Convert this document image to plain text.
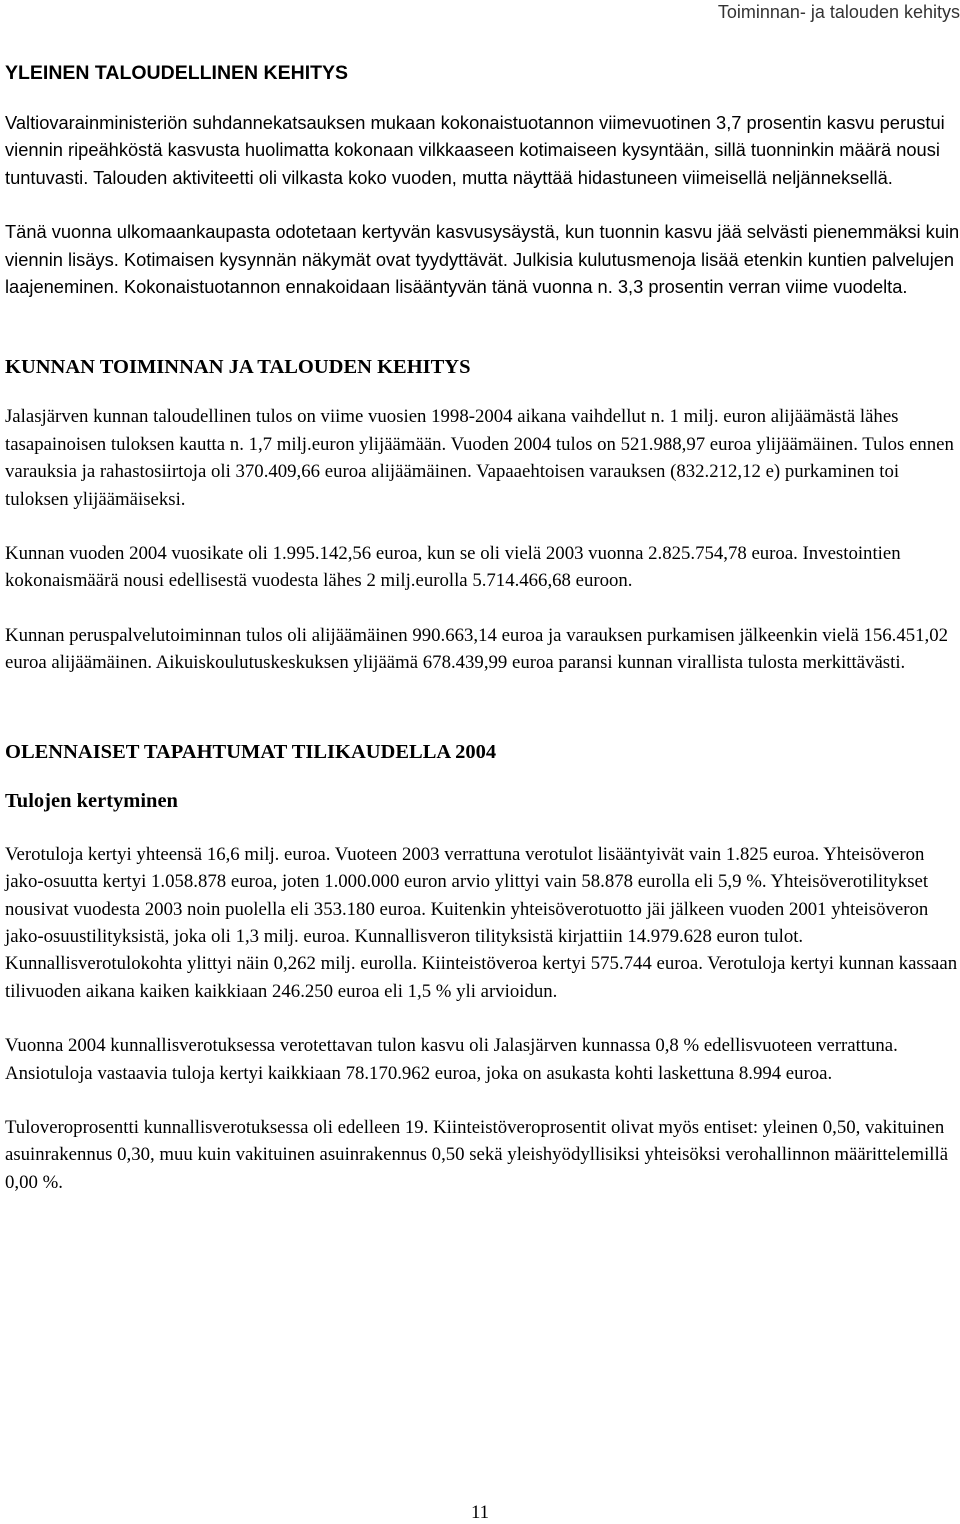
Toiminnan- ja talouden kehitys
YLEINEN TALOUDELLINEN KEHITYS

Valtiovarainministeriön suhdannekatsauksen mukaan kokonaistuotannon viimevuotinen 3,7 prosentin kasvu perustui viennin ripeähköstä kasvusta huolimatta kokonaan vilkkaaseen kotimaiseen kysyntään, sillä tuonninkin määrä nousi tuntuvasti. Talouden aktiviteetti oli vilkasta koko vuoden, mutta näyttää hidastuneen viimeisellä neljänneksellä.

Tänä vuonna ulkomaankaupasta odotetaan kertyvän kasvusysäystä, kun tuonnin kasvu jää selvästi pienemmäksi kuin viennin lisäys. Kotimaisen kysynnän näkymät ovat tyydyttävät. Julkisia kulutusmenoja lisää etenkin kuntien palvelujen laajeneminen. Kokonaistuotannon ennakoidaan lisääntyvän tänä vuonna n. 3,3 prosentin verran viime vuodelta.

KUNNAN TOIMINNAN JA TALOUDEN KEHITYS

Jalasjärven kunnan taloudellinen tulos on viime vuosien 1998-2004 aikana vaihdellut n. 1 milj. euron alijäämästä lähes tasapainoisen tuloksen kautta n. 1,7 milj.euron ylijäämään. Vuoden 2004 tulos on 521.988,97 euroa ylijäämäinen. Tulos ennen varauksia ja rahastosiirtoja oli 370.409,66 euroa alijäämäinen. Vapaaehtoisen varauksen (832.212,12 e) purkaminen toi tuloksen ylijäämäiseksi.

Kunnan vuoden 2004 vuosikate oli 1.995.142,56 euroa, kun se oli vielä 2003 vuonna 2.825.754,78 euroa. Investointien kokonaismäärä nousi edellisestä vuodesta lähes 2 milj.eurolla 5.714.466,68 euroon.

Kunnan peruspalvelutoiminnan tulos oli alijäämäinen 990.663,14 euroa ja varauksen purkamisen jälkeenkin vielä 156.451,02 euroa alijäämäinen. Aikuiskoulutuskeskuksen ylijäämä 678.439,99 euroa paransi kunnan virallista tulosta merkittävästi.

OLENNAISET TAPAHTUMAT TILIKAUDELLA 2004
Tulojen kertyminen

Verotuloja kertyi yhteensä 16,6 milj. euroa. Vuoteen 2003 verrattuna verotulot lisääntyivät vain 1.825 euroa. Yhteisöveron jako-osuutta kertyi 1.058.878 euroa, joten 1.000.000 euron arvio ylittyi vain 58.878 eurolla eli 5,9 %. Yhteisöverotilitykset nousivat vuodesta 2003 noin puolella eli 353.180 euroa. Kuitenkin yhteisöverotuotto jäi jälkeen vuoden 2001 yhteisöveron jako-osuustilityksistä, joka oli 1,3 milj. euroa. Kunnallisveron tilityksistä kirjattiin 14.979.628 euron tulot. Kunnallisverotulokohta ylittyi näin 0,262 milj. eurolla. Kiinteistöveroa kertyi 575.744 euroa. Verotuloja kertyi kunnan kassaan tilivuoden aikana kaiken kaikkiaan 246.250 euroa eli 1,5 % yli arvioidun.

Vuonna 2004 kunnallisverotuksessa verotettavan tulon kasvu oli Jalasjärven kunnassa 0,8 % edellisvuoteen verrattuna. Ansiotuloja vastaavia tuloja kertyi kaikkiaan 78.170.962 euroa, joka on asukasta kohti laskettuna 8.994 euroa.

Tuloveroprosentti kunnallisverotuksessa oli edelleen 19. Kiinteistöveroprosentit olivat myös entiset: yleinen 0,50, vakituinen asuinrakennus 0,30, muu kuin vakituinen asuinrakennus 0,50 sekä yleishyödyllisiksi yhteisöksi verohallinnon määrittelemillä 0,00 %.

11
